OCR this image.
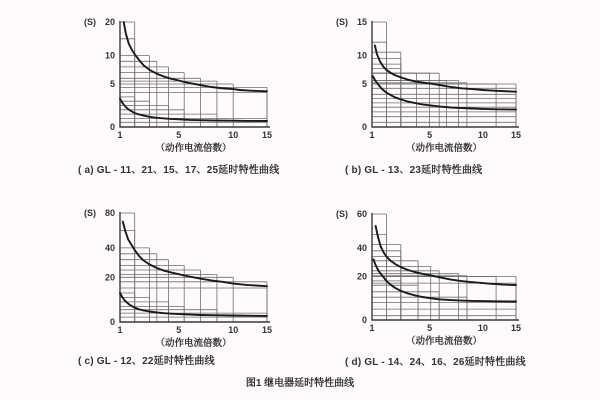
0
5
10
20
(S)
1	5	10	15
（动作电流倍数）
( a) GL - 11、21、15、17、25延时特性曲线
0
5
10
15
(S)
1	5	10	15
（动作电流倍数）
( b) GL - 13、23延时特性曲线
0
20
40
80
(S)
1	5	10	15
（动作电流倍数）
( c) GL - 12、22延时特性曲线
0
20
40
60
(S)
1	5	10	15
（动作电流倍数）
( d) GL - 14、24、16、26延时特性曲线
图1 继电器延时特性曲线
